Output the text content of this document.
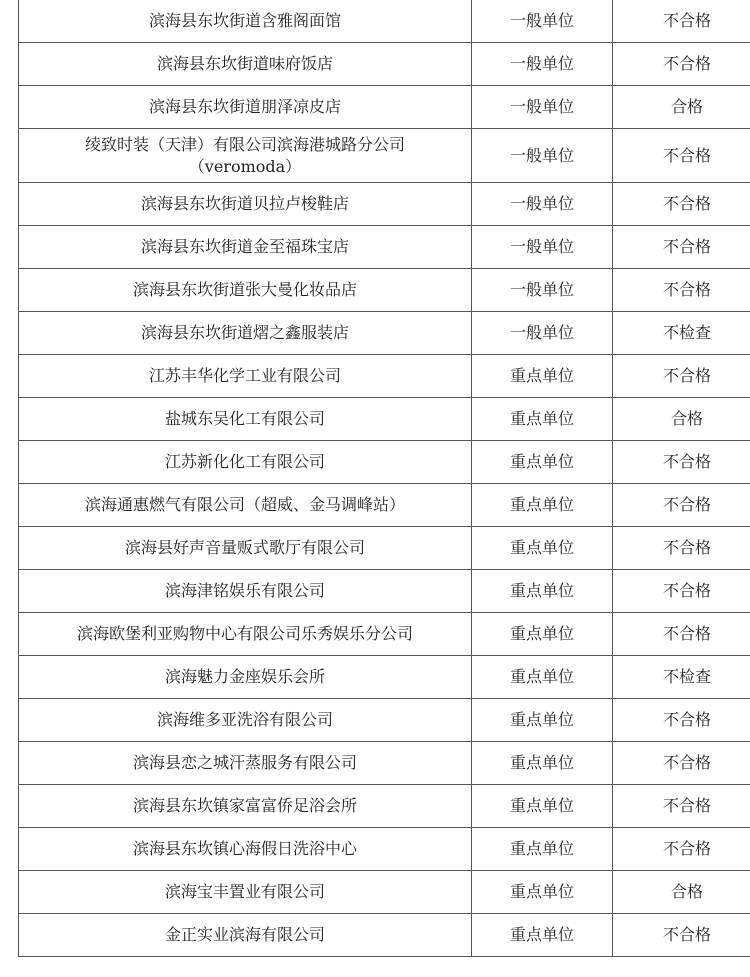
滨海县东坎街道含雅阁面馆	一般单位	不合格
滨海县东坎街道味府饭店	一般单位	不合格
滨海县东坎街道朋泽凉皮店	一般单位	合格
绫致时装（天津）有限公司滨海港城路分公司
（veromoda）	一般单位	不合格
滨海县东坎街道贝拉卢梭鞋店	一般单位	不合格
滨海县东坎街道金至福珠宝店	一般单位	不合格
滨海县东坎街道张大曼化妆品店	一般单位	不合格
滨海县东坎街道熠之鑫服装店	一般单位	不检查
江苏丰华化学工业有限公司	重点单位	不合格
盐城东吴化工有限公司	重点单位	合格
江苏新化化工有限公司	重点单位	不合格
滨海通惠燃气有限公司（超威、金马调峰站）	重点单位	不合格
滨海县好声音量贩式歌厅有限公司	重点单位	不合格
滨海津铭娱乐有限公司	重点单位	不合格
滨海欧堡利亚购物中心有限公司乐秀娱乐分公司	重点单位	不合格
滨海魅力金座娱乐会所	重点单位	不检查
滨海维多亚洗浴有限公司	重点单位	不合格
滨海县恋之城汗蒸服务有限公司	重点单位	不合格
滨海县东坎镇家富富侨足浴会所	重点单位	不合格
滨海县东坎镇心海假日洗浴中心	重点单位	不合格
滨海宝丰置业有限公司	重点单位	合格
金正实业滨海有限公司	重点单位	不合格
